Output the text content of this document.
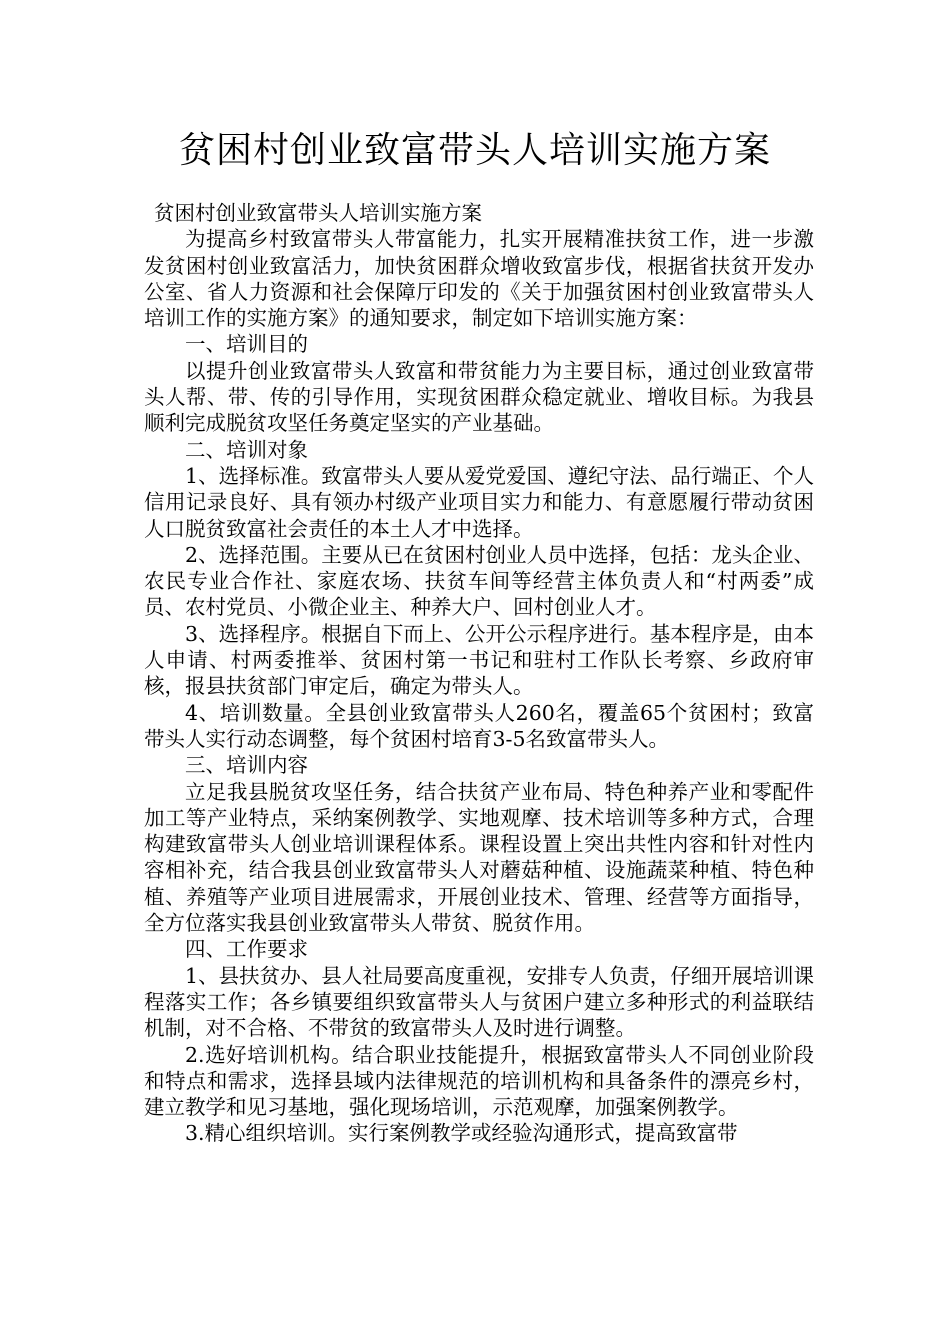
贫困村创业致富带头人培训实施方案

贫困村创业致富带头人培训实施方案

为提高乡村致富带头人带富能力，扎实开展精准扶贫工作，进一步激发贫困村创业致富活力，加快贫困群众增收致富步伐，根据省扶贫开发办公室、省人力资源和社会保障厅印发的《关于加强贫困村创业致富带头人培训工作的实施方案》的通知要求，制定如下培训实施方案：

一、培训目的

以提升创业致富带头人致富和带贫能力为主要目标，通过创业致富带头人帮、带、传的引导作用，实现贫困群众稳定就业、增收目标。为我县顺利完成脱贫攻坚任务奠定坚实的产业基础。

二、培训对象

1、选择标准。致富带头人要从爱党爱国、遵纪守法、品行端正、个人信用记录良好、具有领办村级产业项目实力和能力、有意愿履行带动贫困人口脱贫致富社会责任的本土人才中选择。

2、选择范围。主要从已在贫困村创业人员中选择，包括：龙头企业、农民专业合作社、家庭农场、扶贫车间等经营主体负责人和“村两委”成员、农村党员、小微企业主、种养大户、回村创业人才。

3、选择程序。根据自下而上、公开公示程序进行。基本程序是，由本人申请、村两委推举、贫困村第一书记和驻村工作队长考察、乡政府审核，报县扶贫部门审定后，确定为带头人。

4、培训数量。全县创业致富带头人260名，覆盖65个贫困村；致富带头人实行动态调整，每个贫困村培育3-5名致富带头人。

三、培训内容

立足我县脱贫攻坚任务，结合扶贫产业布局、特色种养产业和零配件加工等产业特点，采纳案例教学、实地观摩、技术培训等多种方式，合理构建致富带头人创业培训课程体系。课程设置上突出共性内容和针对性内容相补充，结合我县创业致富带头人对蘑菇种植、设施蔬菜种植、特色种植、养殖等产业项目进展需求，开展创业技术、管理、经营等方面指导，全方位落实我县创业致富带头人带贫、脱贫作用。

四、工作要求

1、县扶贫办、县人社局要高度重视，安排专人负责，仔细开展培训课程落实工作；各乡镇要组织致富带头人与贫困户建立多种形式的利益联结机制，对不合格、不带贫的致富带头人及时进行调整。

2.选好培训机构。结合职业技能提升，根据致富带头人不同创业阶段和特点和需求，选择县域内法律规范的培训机构和具备条件的漂亮乡村，建立教学和见习基地，强化现场培训，示范观摩，加强案例教学。

3.精心组织培训。实行案例教学或经验沟通形式，提高致富带
